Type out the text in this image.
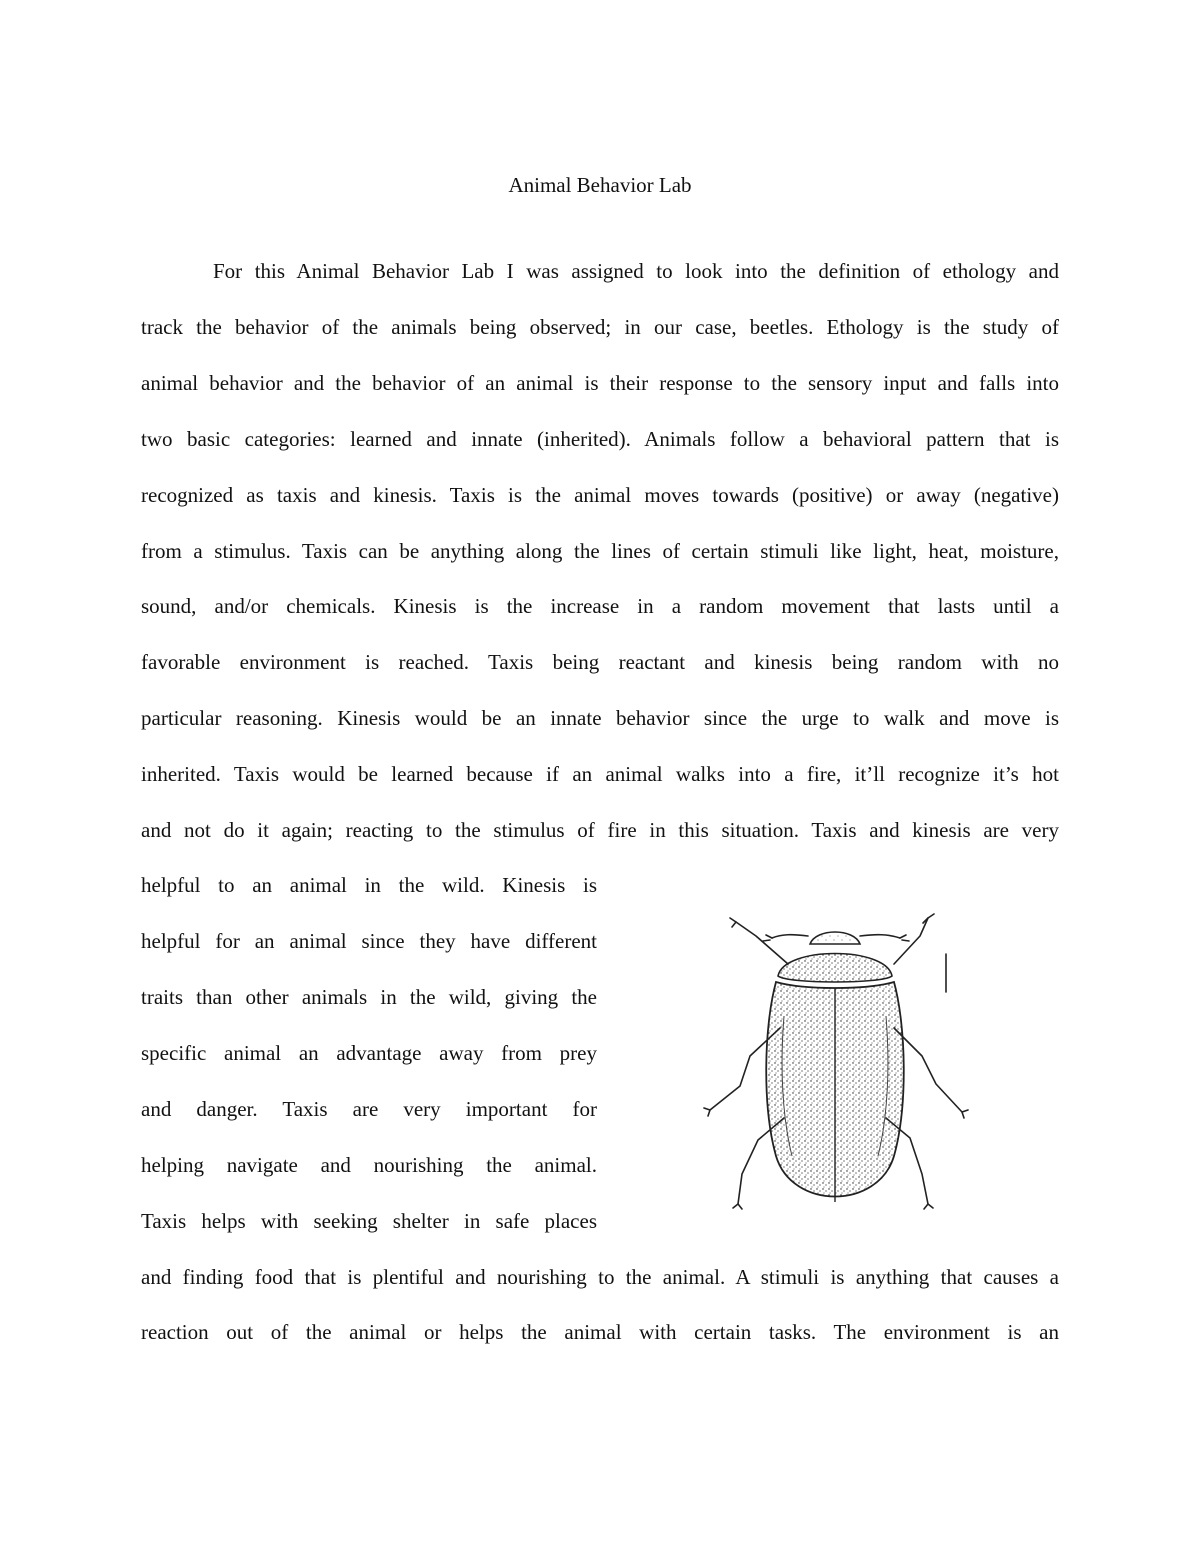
Animal Behavior Lab
For this Animal Behavior Lab I was assigned to look into the definition of ethology and
track the behavior of the animals being observed; in our case, beetles. Ethology is the study of
animal behavior and the behavior of an animal is their response to the sensory input and falls into
two basic categories: learned and innate (inherited). Animals follow a behavioral pattern that is
recognized as taxis and kinesis. Taxis is the animal moves towards (positive) or away (negative)
from a stimulus. Taxis can be anything along the lines of certain stimuli like light, heat, moisture,
sound, and/or chemicals. Kinesis is the increase in a random movement that lasts until a
favorable environment is reached. Taxis being reactant and kinesis being random with no
particular reasoning. Kinesis would be an innate behavior since the urge to walk and move is
inherited. Taxis would be learned because if an animal walks into a fire, it’ll recognize it’s hot
and not do it again; reacting to the stimulus of fire in this situation. Taxis and kinesis are very
helpful to an animal in the wild. Kinesis is
helpful for an animal since they have different
traits than other animals in the wild, giving the
specific animal an advantage away from prey
and danger. Taxis are very important for
helping navigate and nourishing the animal.
Taxis helps with seeking shelter in safe places
and finding food that is plentiful and nourishing to the animal. A stimuli is anything that causes a
reaction out of the animal or helps the animal with certain tasks. The environment is an
